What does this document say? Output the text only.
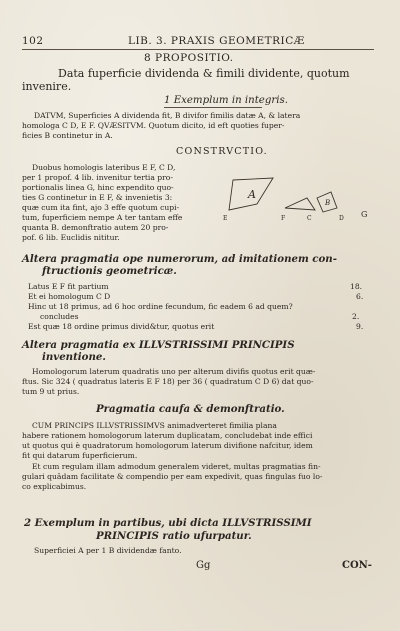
102	LIB. 3. PRAXIS GEOMETRICÆ
8 PROPOSITIO.
Data fuperficie dividenda & fimili dividente, quotum
invenire.
1 Exemplum in integris.
DATVM, Superficies A dividenda fit, B divifor fimilis datæ A, & latera
homologa C D, E F. QVÆSITVM. Quotum dicito, id eft quoties fuper-
ficies B continetur in A.
CONSTRVCTIO.
Duobus homologis lateribus E F, C D,
per 1 propof. 4 lib. invenitur tertia pro-
portionalis linea G, hinc expendito quo-
ties G continetur in E F, & invenietis 3:
quæ cum ita fint, ajo 3 effe quotum cupi-
tum, fuperficiem nempe A ter tantam effe
quanta B. demonftratio autem 20 pro-
pof. 6 lib. Euclidis nititur.
A
B
G
E	F	C	D
Altera pragmatia ope numerorum, ad imitationem con-
ftructionis geometricæ.
Latus E F fit partium	18.
Et ei homologum C D	6.
Hinc ut 18 primus, ad 6 hoc ordine fecundum, fic eadem 6 ad quem?
concludes	2.
Est quæ 18 ordine primus divid&tur, quotus erit	9.
Altera pragmatia ex ILLVSTRISSIMI PRINCIPIS
inventione.
Homologorum laterum quadratis uno per alterum divifis quotus erit quæ-
ftus. Sic 324 ( quadratus lateris E F 18) per 36 ( quadratum C D 6) dat quo-
tum 9 ut prius.
Pragmatia caufa & demonftratio.
CUM PRINCIPS ILLVSTRISSIMVS animadverteret fimilia plana
habere rationem homologorum laterum duplicatam, concludebat inde effici
ut quotus qui è quadratorum homologorum laterum divifione nafcitur, idem
fit qui datarum fuperficierum.
Et cum regulam illam admodum generalem videret, multas pragmatias fin-
gulari quâdam facilitate & compendio per eam expedivit, quas fingulas fuo lo-
co explicabimus.
2 Exemplum in partibus, ubi dicta ILLVSTRISSIMI
PRINCIPIS ratio ufurpatur.
Superficiei A per 1 B dividendæ fanto.
Gg	CON-
